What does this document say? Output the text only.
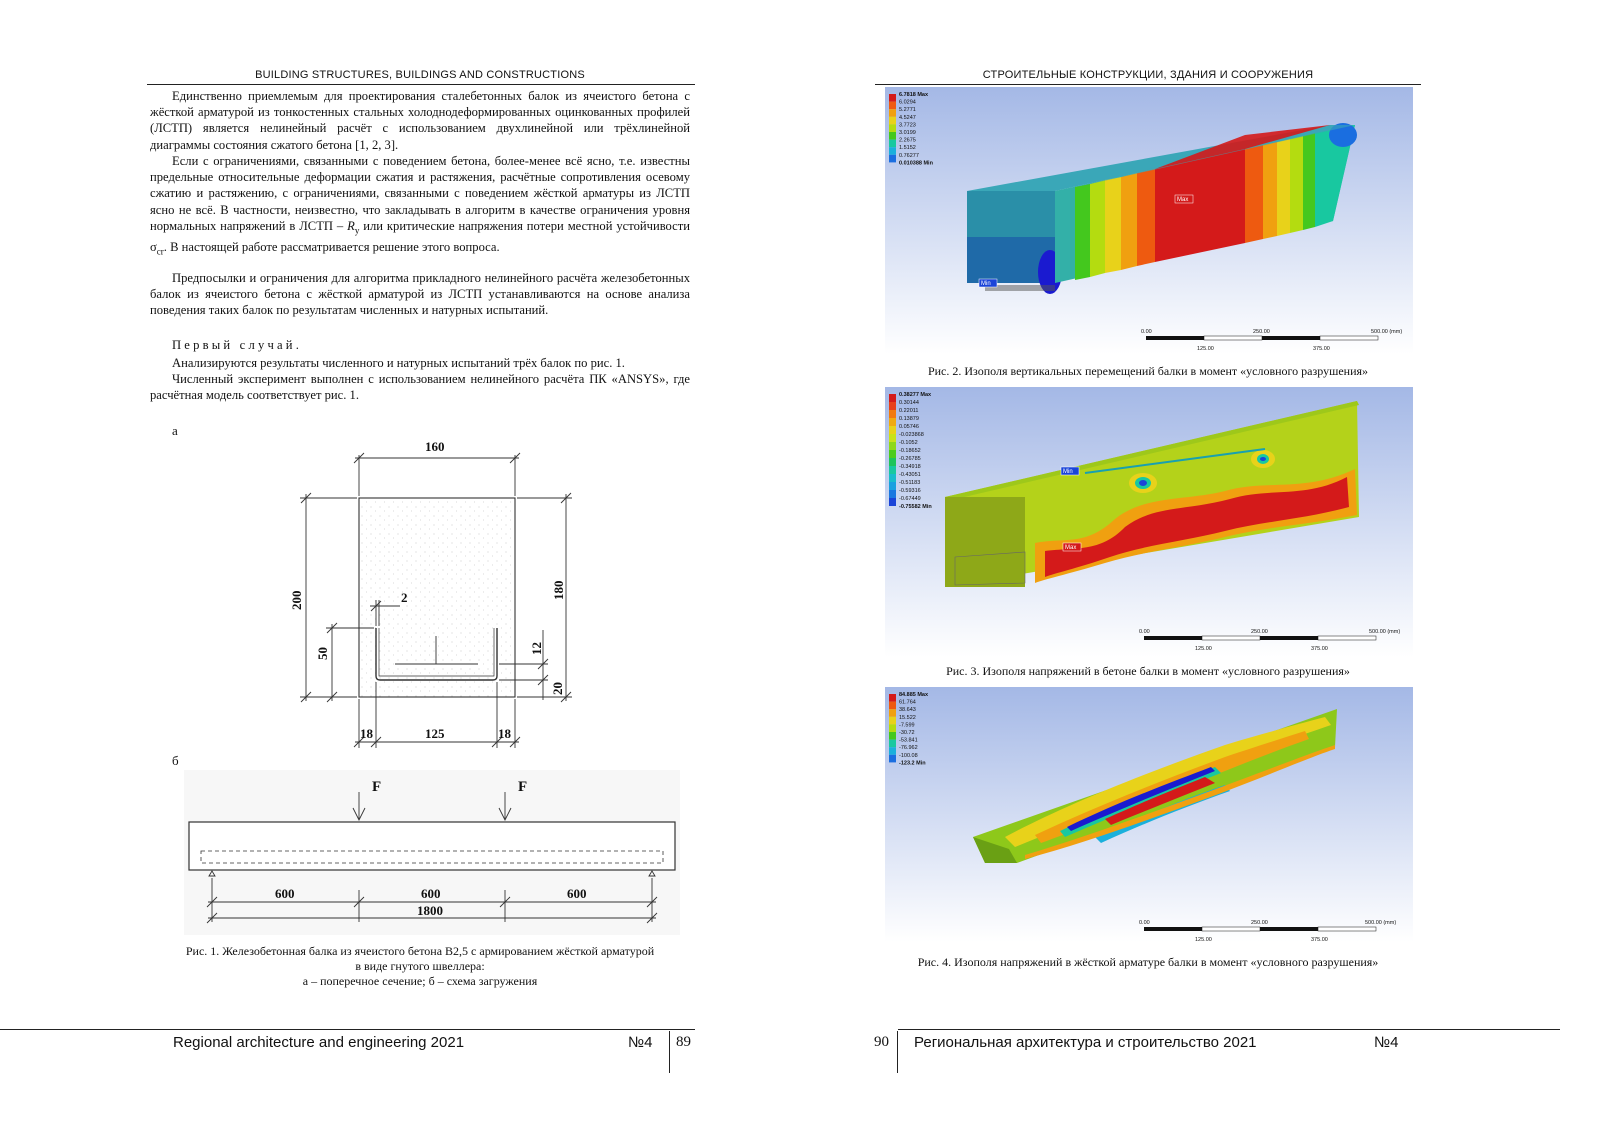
BUILDING STRUCTURES, BUILDINGS AND CONSTRUCTIONS

Единственно приемлемым для проектирования сталебетонных балок из ячеистого бетона с жёсткой арматурой из тонкостенных стальных холоднодеформированных оцинкованных профилей (ЛСТП) является нелинейный расчёт с использованием двухлинейной или трёхлинейной диаграммы состояния сжатого бетона [1, 2, 3].

Если с ограничениями, связанными с поведением бетона, более-менее всё ясно, т.е. известны предельные относительные деформации сжатия и растяжения, расчётные сопротивления осевому сжатию и растяжению, с ограничениями, связанными с поведением жёсткой арматуры из ЛСТП ясно не всё. В частности, неизвестно, что закладывать в алгоритм в качестве ограничения уровня нормальных напряжений в ЛСТП – $R_y$ или критические напряжения потери местной устойчивости $\sigma_{cr}$. В настоящей работе рассматривается решение этого вопроса.

Предпосылки и ограничения для алгоритма прикладного нелинейного расчёта железобетонных балок из ячеистого бетона с жёсткой арматурой из ЛСТП устанавливаются на основе анализа поведения таких балок по результатам численных и натурных испытаний.

Первый случай.

Анализируются результаты численного и натурных испытаний трёх балок по рис. 1.

Численный эксперимент выполнен с использованием нелинейного расчёта ПК «ANSYS», где расчётная модель соответствует рис. 1.

а
б
160
200
50
180
12
20
2
18	125	18
F	F
600	600	600
1800
Рис. 1. Железобетонная балка из ячеистого бетона B2,5 с армированием жёсткой арматурой
в виде гнутого швеллера:
а – поперечное сечение; б – схема загружения
Regional architecture and engineering 2021	№4 89
СТРОИТЕЛЬНЫЕ КОНСТРУКЦИИ, ЗДАНИЯ И СООРУЖЕНИЯ
6.7818 Max
6.0294
5.2771
4.5247
3.7723
3.0199
2.2675
1.5152
0.76277
0.010388 Min
Max
Min
0.00	250.00	500.00 (mm)
125.00	375.00
Рис. 2. Изополя вертикальных перемещений балки в момент «условного разрушения»
0.38277 Max
0.30144
0.22011
0.13879
0.05746
-0.023868
-0.1052
-0.18652
-0.26785
-0.34918
-0.43051
-0.51183
-0.59316
-0.67449
-0.75582 Min
Max
Min
0.00	250.00	500.00 (mm)
125.00	375.00
Рис. 3. Изополя напряжений в бетоне балки в момент «условного разрушения»
84.885 Max
61.764
38.643
15.522
-7.599
-30.72
-53.841
-76.962
-100.08
-123.2 Min
0.00	250.00	500.00 (mm)
125.00	375.00
Рис. 4. Изополя напряжений в жёсткой арматуре балки в момент «условного разрушения»
90 Региональная архитектура и строительство 2021	№4
